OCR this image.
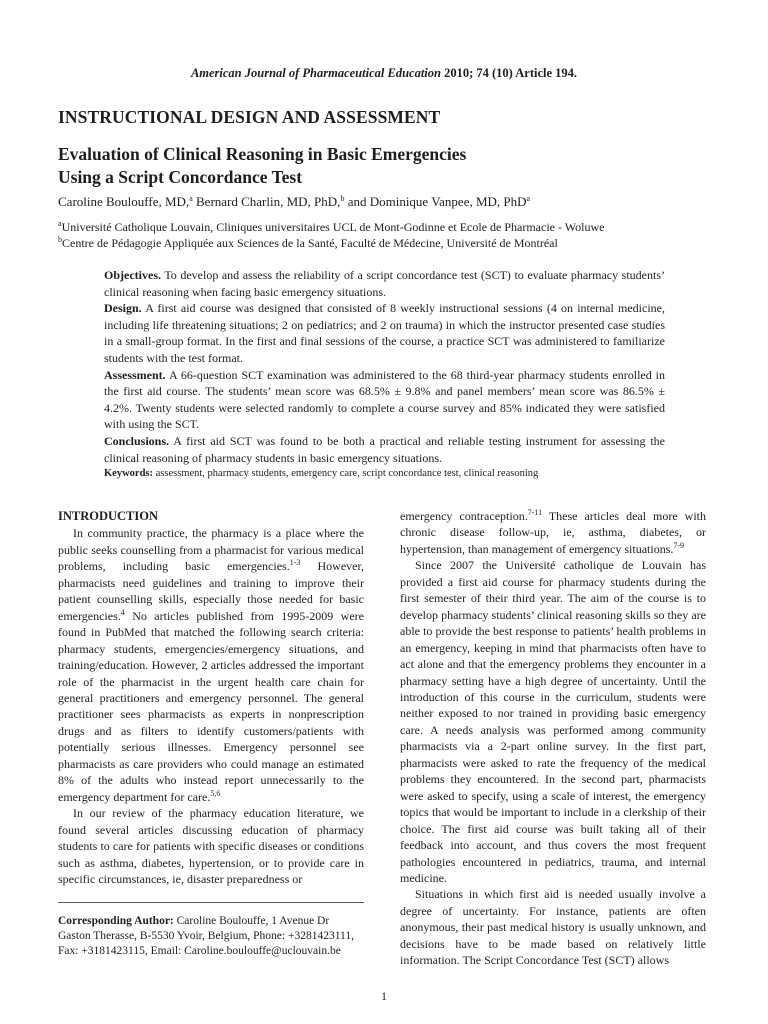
American Journal of Pharmaceutical Education 2010; 74 (10) Article 194.
INSTRUCTIONAL DESIGN AND ASSESSMENT
Evaluation of Clinical Reasoning in Basic Emergencies
Using a Script Concordance Test
Caroline Boulouffe, MD,$^a$ Bernard Charlin, MD, PhD,$^b$ and Dominique Vanpee, MD, PhD$^a$
$^a$Université Catholique Louvain, Cliniques universitaires UCL de Mont-Godinne et Ecole de Pharmacie - Woluwe
$^b$Centre de Pédagogie Appliquée aux Sciences de la Santé, Faculté de Médecine, Université de Montréal

Objectives. To develop and assess the reliability of a script concordance test (SCT) to evaluate pharmacy students’ clinical reasoning when facing basic emergency situations.

Design. A first aid course was designed that consisted of 8 weekly instructional sessions (4 on internal medicine, including life threatening situations; 2 on pediatrics; and 2 on trauma) in which the instructor presented case studies in a small-group format. In the first and final sessions of the course, a practice SCT was administered to familiarize students with the test format.

Assessment. A 66-question SCT examination was administered to the 68 third-year pharmacy students enrolled in the first aid course. The students’ mean score was 68.5% ± 9.8% and panel members’ mean score was 86.5% ± 4.2%. Twenty students were selected randomly to complete a course survey and 85% indicated they were satisfied with using the SCT.

Conclusions. A first aid SCT was found to be both a practical and reliable testing instrument for assessing the clinical reasoning of pharmacy students in basic emergency situations.

Keywords: assessment, pharmacy students, emergency care, script concordance test, clinical reasoning

INTRODUCTION

In community practice, the pharmacy is a place where the public seeks counselling from a pharmacist for various medical problems, including basic emergencies.$^{1-3}$ However, pharmacists need guidelines and training to improve their patient counselling skills, especially those needed for basic emergencies.$^4$ No articles published from 1995-2009 were found in PubMed that matched the following search criteria: pharmacy students, emergencies/emergency situations, and training/education. However, 2 articles addressed the important role of the pharmacist in the urgent health care chain for general practitioners and emergency personnel. The general practitioner sees pharmacists as experts in nonprescription drugs and as filters to identify customers/patients with potentially serious illnesses. Emergency personnel see pharmacists as care providers who could manage an estimated 8% of the adults who instead report unnecessarily to the emergency department for care.$^{5,6}$

In our review of the pharmacy education literature, we found several articles discussing education of pharmacy students to care for patients with specific diseases or conditions such as asthma, diabetes, hypertension, or to provide care in specific circumstances, ie, disaster preparedness or

emergency contraception.$^{7-11}$ These articles deal more with chronic disease follow-up, ie, asthma, diabetes, or hypertension, than management of emergency situations.$^{7-9}$

Since 2007 the Université catholique de Louvain has provided a first aid course for pharmacy students during the first semester of their third year. The aim of the course is to develop pharmacy students’ clinical reasoning skills so they are able to provide the best response to patients’ health problems in an emergency, keeping in mind that pharmacists often have to act alone and that the emergency problems they encounter in a pharmacy setting have a high degree of uncertainty. Until the introduction of this course in the curriculum, students were neither exposed to nor trained in providing basic emergency care. A needs analysis was performed among community pharmacists via a 2-part online survey. In the first part, pharmacists were asked to rate the frequency of the medical problems they encountered. In the second part, pharmacists were asked to specify, using a scale of interest, the emergency topics that would be important to include in a clerkship of their choice. The first aid course was built taking all of their feedback into account, and thus covers the most frequent pathologies encountered in pediatrics, trauma, and internal medicine.

Situations in which first aid is needed usually involve a degree of uncertainty. For instance, patients are often anonymous, their past medical history is usually unknown, and decisions have to be made based on relatively little information. The Script Concordance Test (SCT) allows

Corresponding Author: Caroline Boulouffe, 1 Avenue Dr Gaston Therasse, B-5530 Yvoir, Belgium, Phone: +3281423111, Fax: +3181423115, Email: Caroline.boulouffe@uclouvain.be
1
